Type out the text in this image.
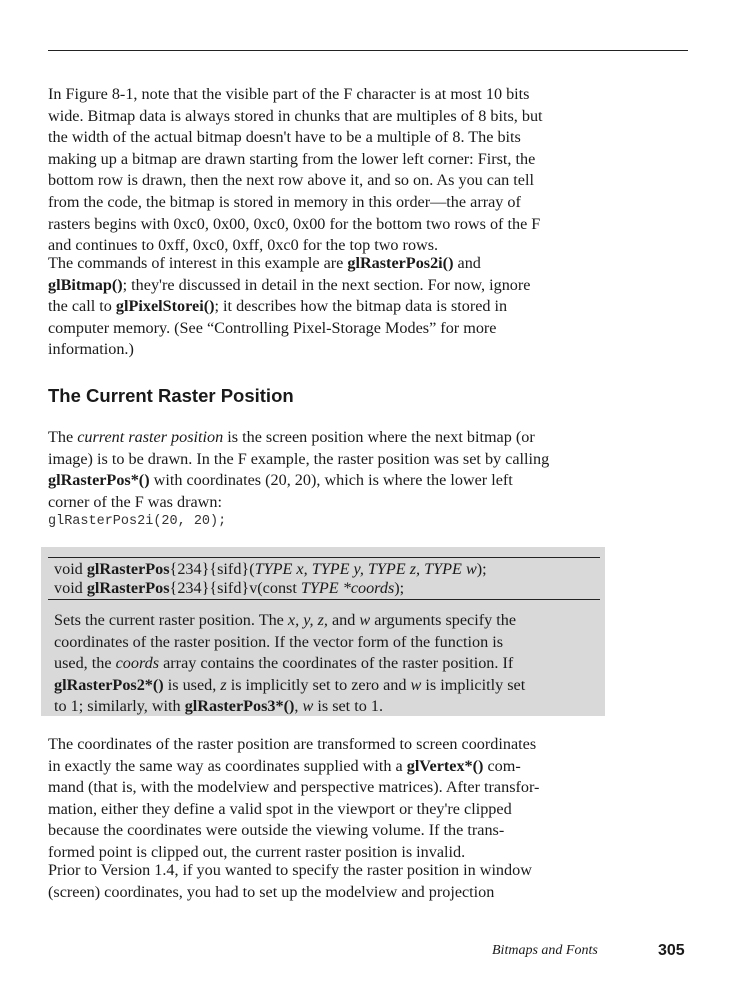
In Figure 8-1, note that the visible part of the F character is at most 10 bits
wide. Bitmap data is always stored in chunks that are multiples of 8 bits, but
the width of the actual bitmap doesn't have to be a multiple of 8. The bits
making up a bitmap are drawn starting from the lower left corner: First, the
bottom row is drawn, then the next row above it, and so on. As you can tell
from the code, the bitmap is stored in memory in this order—the array of
rasters begins with 0xc0, 0x00, 0xc0, 0x00 for the bottom two rows of the F
and continues to 0xff, 0xc0, 0xff, 0xc0 for the top two rows.

The commands of interest in this example are glRasterPos2i() and
glBitmap(); they're discussed in detail in the next section. For now, ignore
the call to glPixelStorei(); it describes how the bitmap data is stored in
computer memory. (See “Controlling Pixel-Storage Modes” for more
information.)

The Current Raster Position

The current raster position is the screen position where the next bitmap (or
image) is to be drawn. In the F example, the raster position was set by calling
glRasterPos*() with coordinates (20, 20), which is where the lower left
corner of the F was drawn:

glRasterPos2i(20, 20);

void glRasterPos{234}{sifd}(TYPE x, TYPE y, TYPE z, TYPE w);

void glRasterPos{234}{sifd}v(const TYPE *coords);

Sets the current raster position. The x, y, z, and w arguments specify the
coordinates of the raster position. If the vector form of the function is
used, the coords array contains the coordinates of the raster position. If
glRasterPos2*() is used, z is implicitly set to zero and w is implicitly set
to 1; similarly, with glRasterPos3*(), w is set to 1.

The coordinates of the raster position are transformed to screen coordinates
in exactly the same way as coordinates supplied with a glVertex*() com-
mand (that is, with the modelview and perspective matrices). After transfor-
mation, either they define a valid spot in the viewport or they're clipped
because the coordinates were outside the viewing volume. If the trans-
formed point is clipped out, the current raster position is invalid.

Prior to Version 1.4, if you wanted to specify the raster position in window
(screen) coordinates, you had to set up the modelview and projection

Bitmaps and Fonts	305
